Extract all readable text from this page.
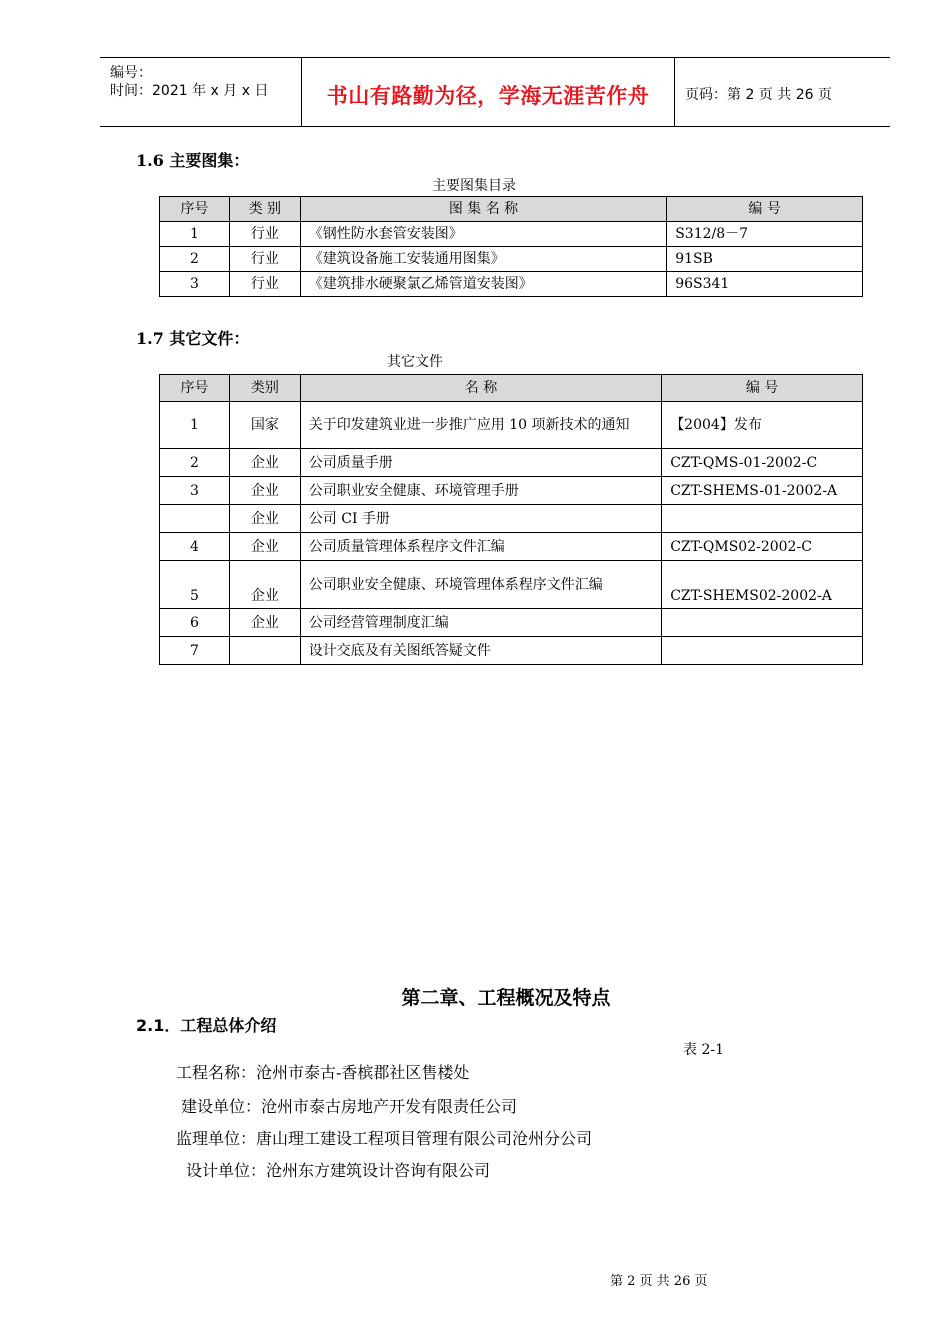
编号：
时间：2021 年 x 月 x 日	书山有路勤为径，学海无涯苦作舟	页码：第 2 页 共 26 页
1.6 主要图集：
主要图集目录
序号	类 别	图 集 名 称	编 号
1	行业	《钢性防水套管安装图》	S312/8－7
2	行业	《建筑设备施工安装通用图集》	91SB
3	行业	《建筑排水硬聚氯乙烯管道安装图》	96S341
1.7 其它文件：
其它文件
序号	类别	名 称	编 号
1	国家	关于印发建筑业进一步推广应用 10 项新技术的通知	【2004】发布
2	企业	公司质量手册	CZT-QMS-01-2002-C
3	企业	公司职业安全健康、环境管理手册	CZT-SHEMS-01-2002-A
	企业	公司 CI 手册	
4	企业	公司质量管理体系程序文件汇编	CZT-QMS02-2002-C
5	企业	公司职业安全健康、环境管理体系程序文件汇编	CZT-SHEMS02-2002-A
6	企业	公司经营管理制度汇编	
7		设计交底及有关图纸答疑文件	
第二章、工程概况及特点
2.1．工程总体介绍
表 2-1
工程名称：沧州市泰古-香槟郡社区售楼处
建设单位：沧州市泰古房地产开发有限责任公司
监理单位：唐山理工建设工程项目管理有限公司沧州分公司
设计单位：沧州东方建筑设计咨询有限公司
第 2 页 共 26 页
